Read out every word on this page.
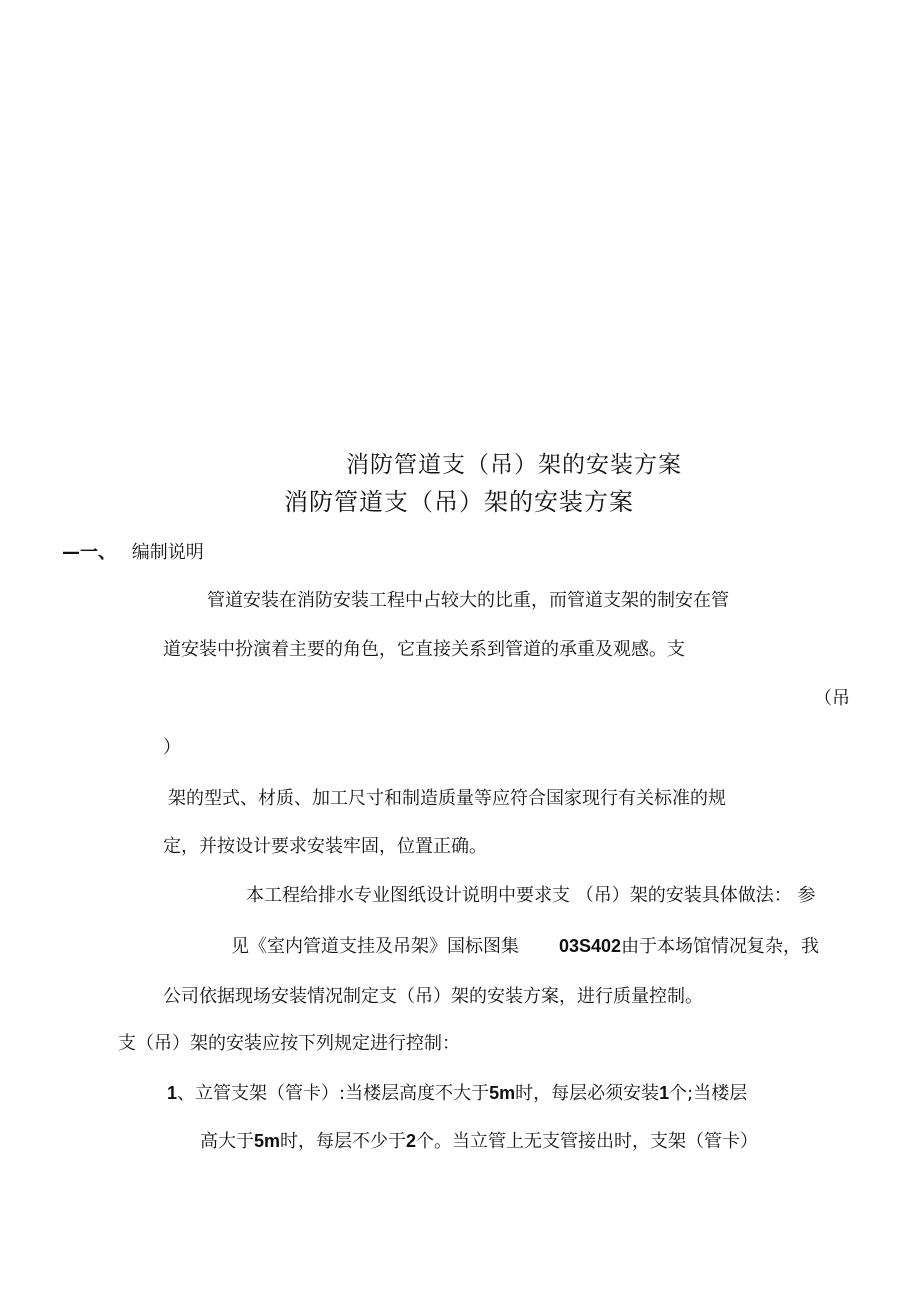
消防管道支（吊）架的安装方案
消防管道支（吊）架的安装方案
—一、 编制说明
管道安装在消防安装工程中占较大的比重，而管道支架的制安在管
道安装中扮演着主要的角色，它直接关系到管道的承重及观感。支
（吊
）
架的型式、材质、加工尺寸和制造质量等应符合国家现行有关标准的规
定，并按设计要求安装牢固，位置正确。
本工程给排水专业图纸设计说明中要求支 （吊）架的安装具体做法： 参
见《室内管道支挂及吊架》国标图集 03S402由于本场馆情况复杂，我
公司依据现场安装情况制定支（吊）架的安装方案，进行质量控制。
支（吊）架的安装应按下列规定进行控制：
1、立管支架（管卡）:当楼层高度不大于5m时，每层必须安装1个;当楼层
高大于5m时，每层不少于2个。当立管上无支管接出时，支架（管卡）
